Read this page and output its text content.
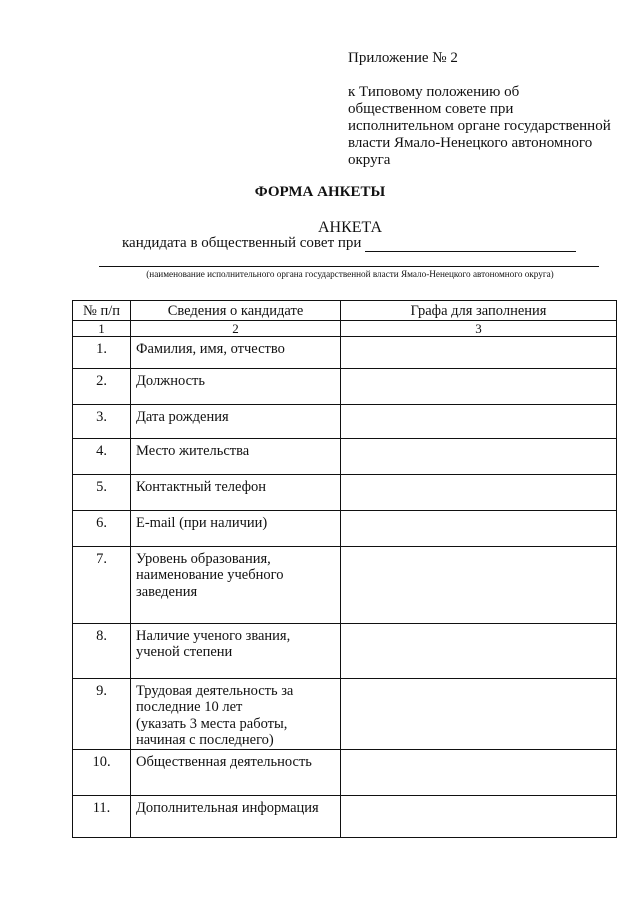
Приложение № 2
к Типовому положению об
общественном совете при
исполнительном органе государственной
власти Ямало-Ненецкого автономного
округа
ФОРМА АНКЕТЫ
АНКЕТА
кандидата в общественный совет при
(наименование исполнительного органа государственной власти Ямало-Ненецкого автономного округа)
№ п/п	Сведения о кандидате	Графа для заполнения
1	2	3
1.	Фамилия, имя, отчество	

2.	Должность	

3.	Дата рождения	

4.	Место жительства	

5.	Контактный телефон	

6.	E-mail (при наличии)	

7.	Уровень образования,
наименование учебного
заведения	

8.	Наличие ученого звания,
ученой степени	

9.	Трудовая деятельность за
последние 10 лет
(указать 3 места работы,
начиная с последнего)	

10.	Общественная деятельность	

11.	Дополнительная информация	
